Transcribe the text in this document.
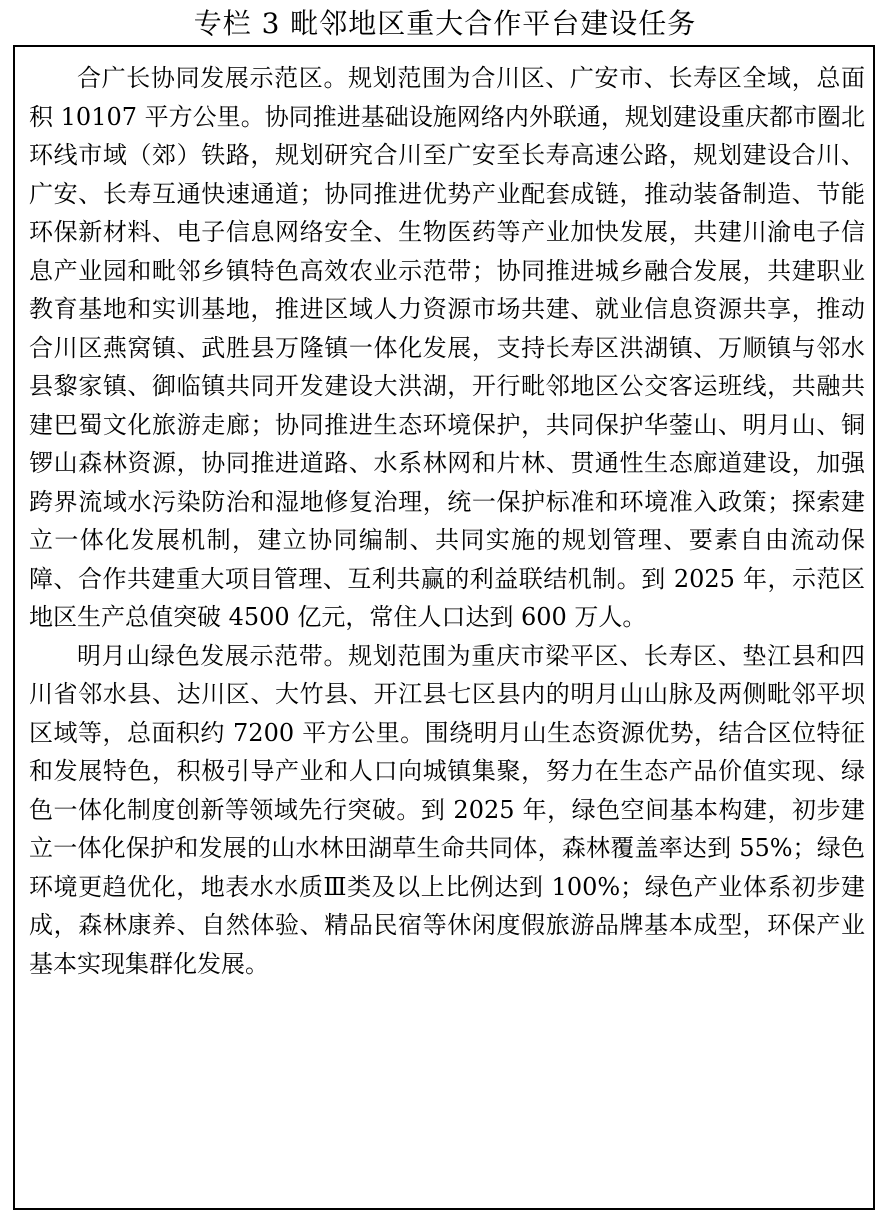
专栏 3 毗邻地区重大合作平台建设任务

合广长协同发展示范区。规划范围为合川区、广安市、长寿区全域，总面积 10107 平方公里。协同推进基础设施网络内外联通，规划建设重庆都市圈北环线市域（郊）铁路，规划研究合川至广安至长寿高速公路，规划建设合川、广安、长寿互通快速通道；协同推进优势产业配套成链，推动装备制造、节能环保新材料、电子信息网络安全、生物医药等产业加快发展，共建川渝电子信息产业园和毗邻乡镇特色高效农业示范带；协同推进城乡融合发展，共建职业教育基地和实训基地，推进区域人力资源市场共建、就业信息资源共享，推动合川区燕窝镇、武胜县万隆镇一体化发展，支持长寿区洪湖镇、万顺镇与邻水县黎家镇、御临镇共同开发建设大洪湖，开行毗邻地区公交客运班线，共融共建巴蜀文化旅游走廊；协同推进生态环境保护，共同保护华蓥山、明月山、铜锣山森林资源，协同推进道路、水系林网和片林、贯通性生态廊道建设，加强跨界流域水污染防治和湿地修复治理，统一保护标准和环境准入政策；探索建立一体化发展机制，建立协同编制、共同实施的规划管理、要素自由流动保障、合作共建重大项目管理、互利共赢的利益联结机制。到 2025 年，示范区地区生产总值突破 4500 亿元，常住人口达到 600 万人。

明月山绿色发展示范带。规划范围为重庆市梁平区、长寿区、垫江县和四川省邻水县、达川区、大竹县、开江县七区县内的明月山山脉及两侧毗邻平坝区域等，总面积约 7200 平方公里。围绕明月山生态资源优势，结合区位特征和发展特色，积极引导产业和人口向城镇集聚，努力在生态产品价值实现、绿色一体化制度创新等领域先行突破。到 2025 年，绿色空间基本构建，初步建立一体化保护和发展的山水林田湖草生命共同体，森林覆盖率达到 55%；绿色环境更趋优化，地表水水质Ⅲ类及以上比例达到 100%；绿色产业体系初步建成，森林康养、自然体验、精品民宿等休闲度假旅游品牌基本成型，环保产业基本实现集群化发展。
